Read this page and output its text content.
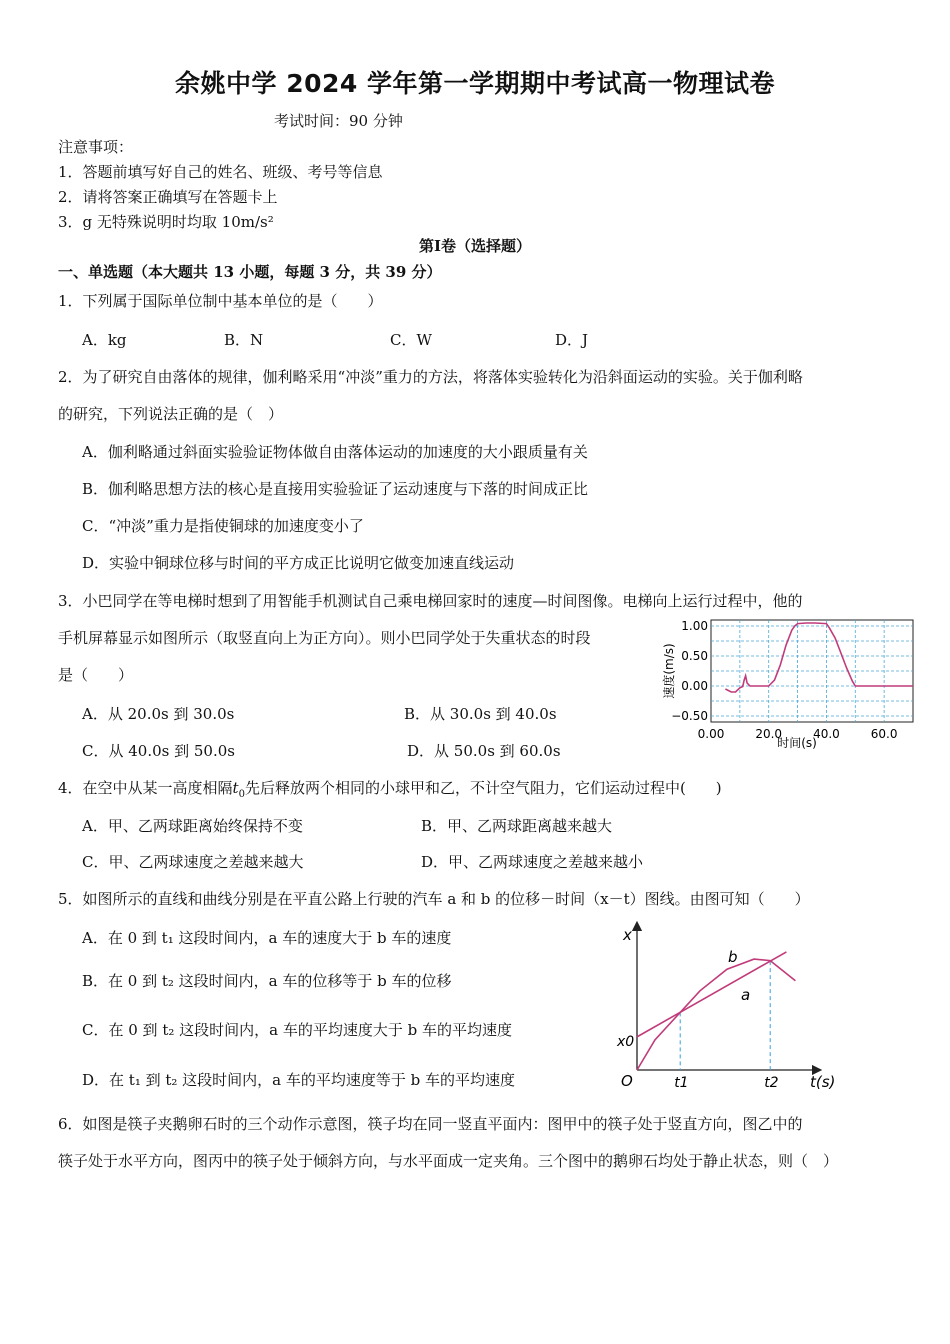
余姚中学 2024 学年第一学期期中考试高一物理试卷
考试时间：90 分钟
注意事项：
1．答题前填写好自己的姓名、班级、考号等信息
2．请将答案正确填写在答题卡上
3．g 无特殊说明时均取 10m/s²
第Ⅰ卷（选择题）
一、单选题（本大题共 13 小题，每题 3 分，共 39 分）
1．下列属于国际单位制中基本单位的是（　　）
A．kg	B．N	C．W	D．J
2．为了研究自由落体的规律，伽利略采用“冲淡”重力的方法，将落体实验转化为沿斜面运动的实验。关于伽利略
的研究，下列说法正确的是（　）
A．伽利略通过斜面实验验证物体做自由落体运动的加速度的大小跟质量有关
B．伽利略思想方法的核心是直接用实验验证了运动速度与下落的时间成正比
C．“冲淡”重力是指使铜球的加速度变小了
D．实验中铜球位移与时间的平方成正比说明它做变加速直线运动
3．小巴同学在等电梯时想到了用智能手机测试自己乘电梯回家时的速度—时间图像。电梯向上运行过程中，他的
手机屏幕显示如图所示（取竖直向上为正方向）。则小巴同学处于失重状态的时段
是（　　）
A．从 20.0s 到 30.0s	B．从 30.0s 到 40.0s
C．从 40.0s 到 50.0s	D．从 50.0s 到 60.0s
1.00
0.50
0.00
−0.50
0.00	20.0	40.0	60.0
速度(m/s)
时间(s)
4．在空中从某一高度相隔$t_0$先后释放两个相同的小球甲和乙，不计空气阻力，它们运动过程中(　　)
A．甲、乙两球距离始终保持不变	B．甲、乙两球距离越来越大
C．甲、乙两球速度之差越来越大	D．甲、乙两球速度之差越来越小
5．如图所示的直线和曲线分别是在平直公路上行驶的汽车 a 和 b 的位移－时间（x－t）图线。由图可知（　　）
A．在 0 到 t₁ 这段时间内，a 车的速度大于 b 车的速度
B．在 0 到 t₂ 这段时间内，a 车的位移等于 b 车的位移
C．在 0 到 t₂ 这段时间内，a 车的平均速度大于 b 车的平均速度
D．在 t₁ 到 t₂ 这段时间内，a 车的平均速度等于 b 车的平均速度
x
O
x0
t1	t2 t(s)
a
b
6．如图是筷子夹鹅卵石时的三个动作示意图，筷子均在同一竖直平面内：图甲中的筷子处于竖直方向，图乙中的
筷子处于水平方向，图丙中的筷子处于倾斜方向，与水平面成一定夹角。三个图中的鹅卵石均处于静止状态，则（　）
